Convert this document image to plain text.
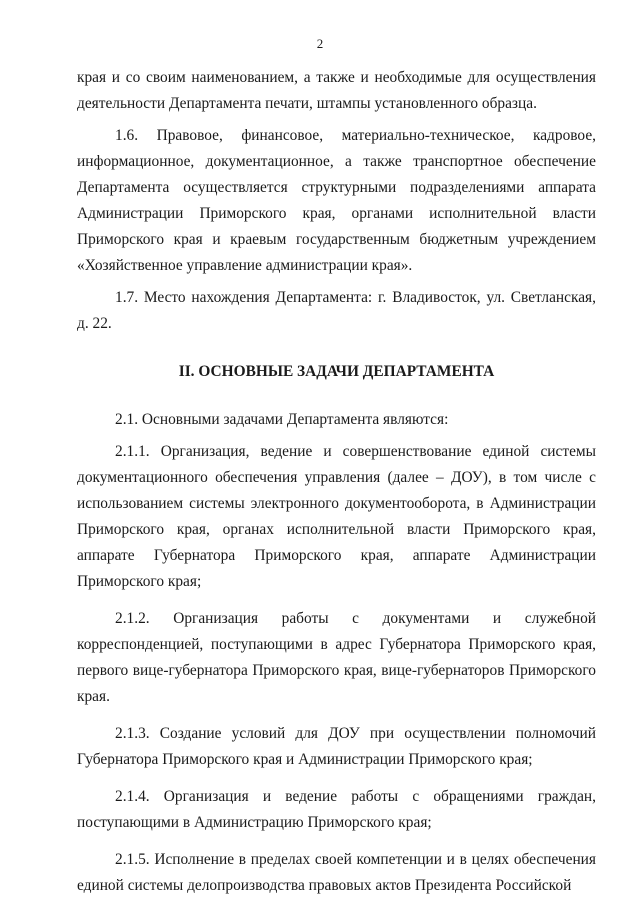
2

края и со своим наименованием, а также и необходимые для осуществления деятельности Департамента печати, штампы установленного образца.

1.6. Правовое, финансовое, материально-техническое, кадровое, информационное, документационное, а также транспортное обеспечение Департамента осуществляется структурными подразделениями аппарата Администрации Приморского края, органами исполнительной власти Приморского края и краевым государственным бюджетным учреждением «Хозяйственное управление администрации края».

1.7. Место нахождения Департамента: г. Владивосток, ул. Светланская, д. 22.

II. ОСНОВНЫЕ ЗАДАЧИ ДЕПАРТАМЕНТА

2.1. Основными задачами Департамента являются:

2.1.1. Организация, ведение и совершенствование единой системы документационного обеспечения управления (далее – ДОУ), в том числе с использованием системы электронного документооборота, в Администрации Приморского края, органах исполнительной власти Приморского края, аппарате Губернатора Приморского края, аппарате Администрации Приморского края;

2.1.2. Организация работы с документами и служебной корреспонденцией, поступающими в адрес Губернатора Приморского края, первого вице-губернатора Приморского края, вице-губернаторов Приморского края.

2.1.3. Создание условий для ДОУ при осуществлении полномочий Губернатора Приморского края и Администрации Приморского края;

2.1.4. Организация и ведение работы с обращениями граждан, поступающими в Администрацию Приморского края;

2.1.5. Исполнение в пределах своей компетенции и в целях обеспечения единой системы делопроизводства правовых актов Президента Российской
